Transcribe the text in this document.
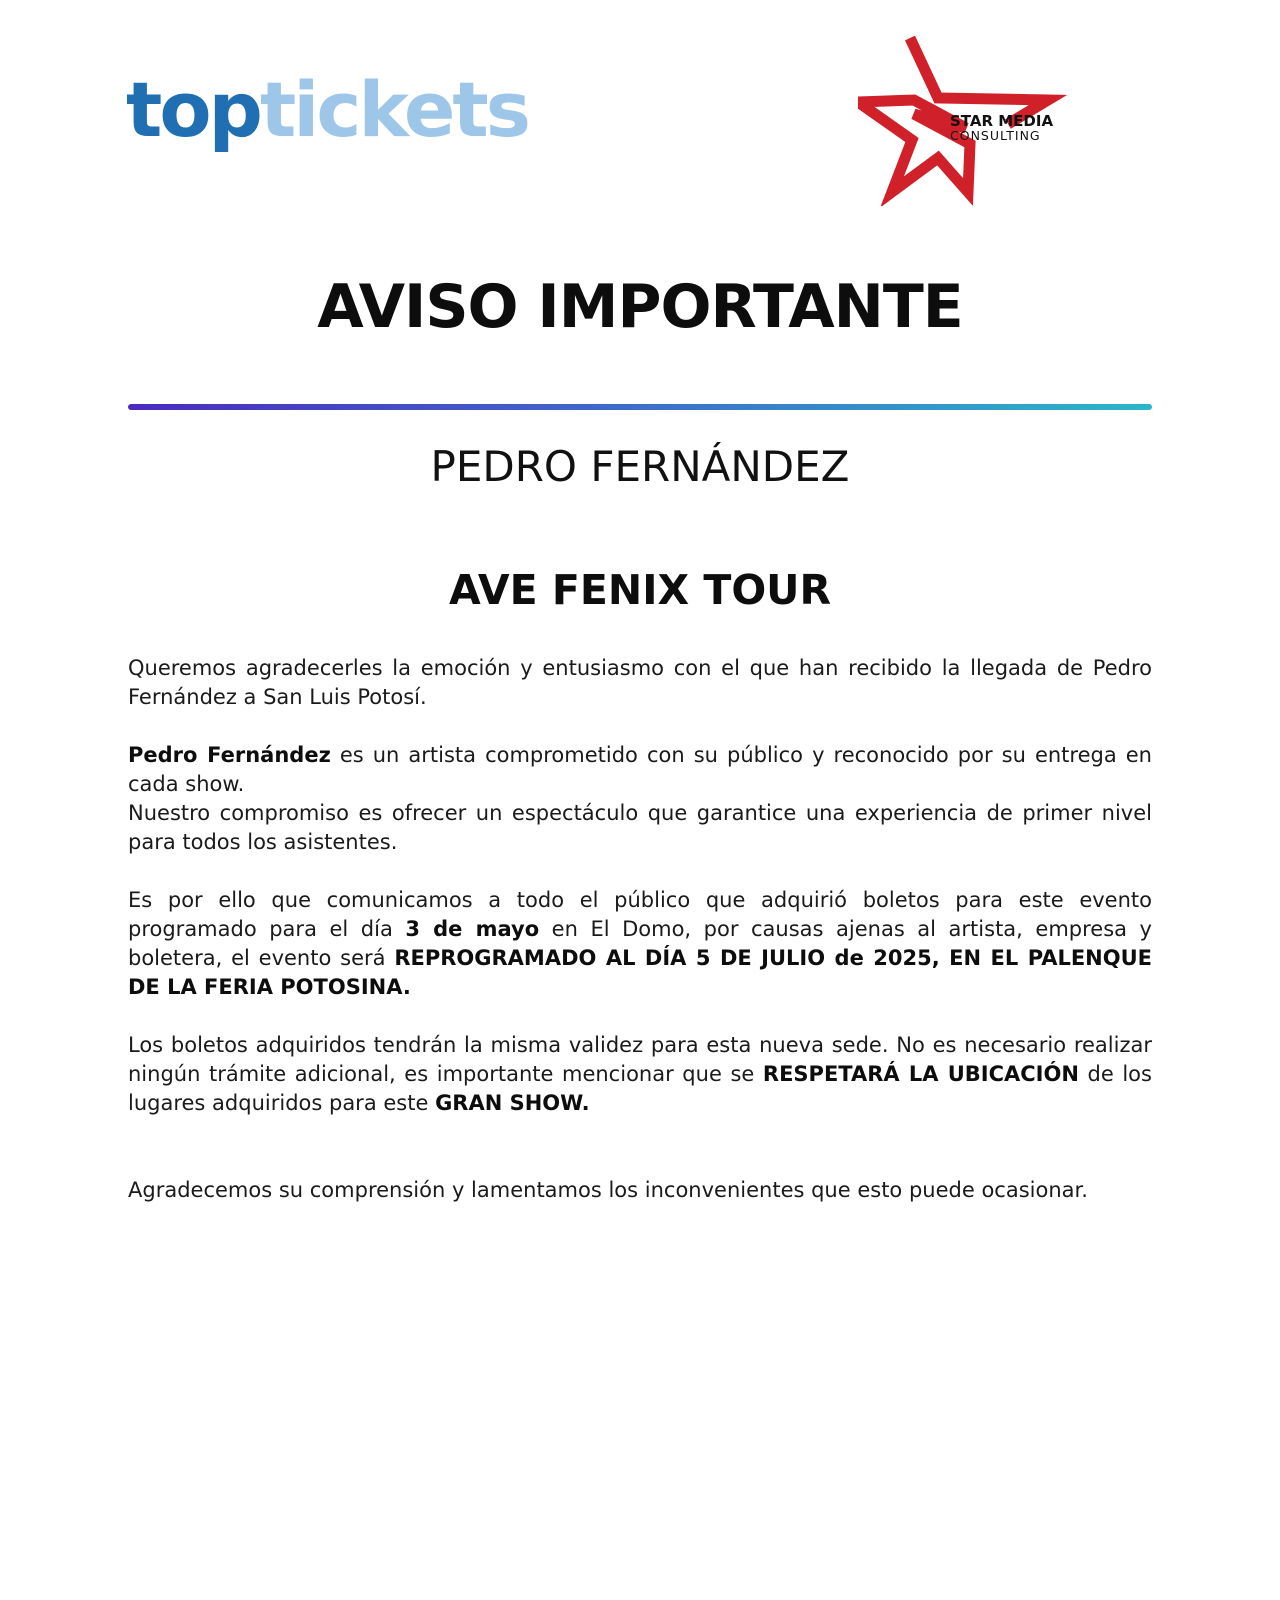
toptickets	STAR MEDIA
CONSULTING
AVISO IMPORTANTE
PEDRO FERNÁNDEZ
AVE FENIX TOUR

Queremos agradecerles la emoción y entusiasmo con el que han recibido la llegada de Pedro Fernández a San Luis Potosí.

Pedro Fernández es un artista comprometido con su público y reconocido por su entrega en cada show.

Nuestro compromiso es ofrecer un espectáculo que garantice una experiencia de primer nivel para todos los asistentes.

Es por ello que comunicamos a todo el público que adquirió boletos para este evento programado para el día 3 de mayo en El Domo, por causas ajenas al artista, empresa y boletera, el evento será REPROGRAMADO AL DÍA 5 DE JULIO de 2025, EN EL PALENQUE DE LA FERIA POTOSINA.

Los boletos adquiridos tendrán la misma validez para esta nueva sede. No es necesario realizar ningún trámite adicional, es importante mencionar que se RESPETARÁ LA UBICACIÓN de los lugares adquiridos para este GRAN SHOW.

Agradecemos su comprensión y lamentamos los inconvenientes que esto puede ocasionar.
